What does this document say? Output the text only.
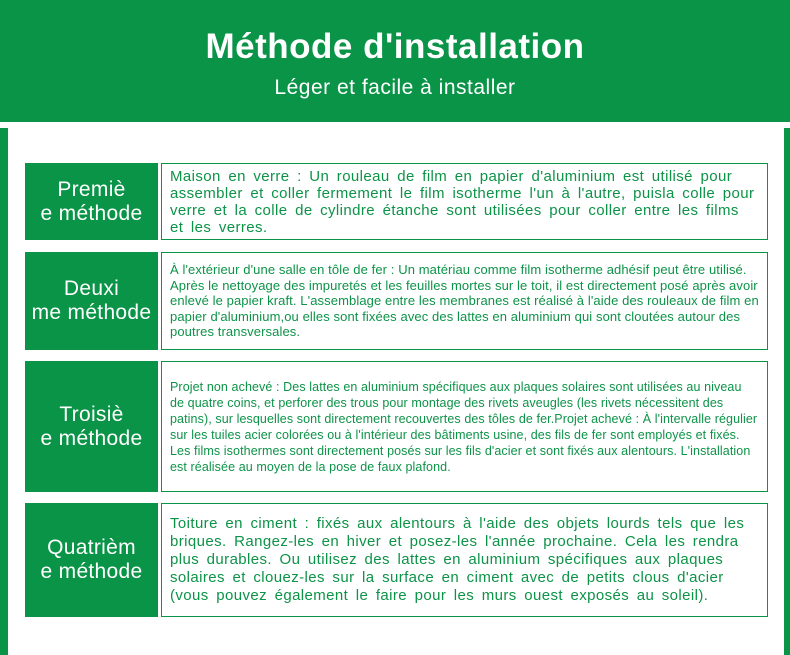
Méthode d'installation
Léger et facile à installer
Premiè
e méthode

Maison en verre : Un rouleau de film en papier d'aluminium est utilisé pour assembler et coller fermement le film isotherme l'un à l'autre, puisla colle pour verre et la colle de cylindre étanche sont utilisées pour coller entre les films et les verres.

Deuxi
me méthode

À l'extérieur d'une salle en tôle de fer : Un matériau comme film isotherme adhésif peut être utilisé. Après le nettoyage des impuretés et les feuilles mortes sur le toit, il est directement posé après avoir enlevé le papier kraft. L'assemblage entre les membranes est réalisé à l'aide des rouleaux de film en papier d'aluminium,ou elles sont fixées avec des lattes en aluminium qui sont cloutées autour des poutres transversales.

Troisiè
e méthode

Projet non achevé : Des lattes en aluminium spécifiques aux plaques solaires sont utilisées au niveau de quatre coins, et perforer des trous pour montage des rivets aveugles (les rivets nécessitent des patins), sur lesquelles sont directement recouvertes des tôles de fer.Projet achevé : À l'intervalle régulier sur les tuiles acier colorées ou à l'intérieur des bâtiments usine, des fils de fer sont employés et fixés. Les films isothermes sont directement posés sur les fils d'acier et sont fixés aux alentours. L'installation est réalisée au moyen de la pose de faux plafond.

Quatrièm
e méthode

Toiture en ciment : fixés aux alentours à l'aide des objets lourds tels que les briques. Rangez-les en hiver et posez-les l'année prochaine. Cela les rendra plus durables. Ou utilisez des lattes en aluminium spécifiques aux plaques solaires et clouez-les sur la surface en ciment avec de petits clous d'acier (vous pouvez également le faire pour les murs ouest exposés au soleil).
